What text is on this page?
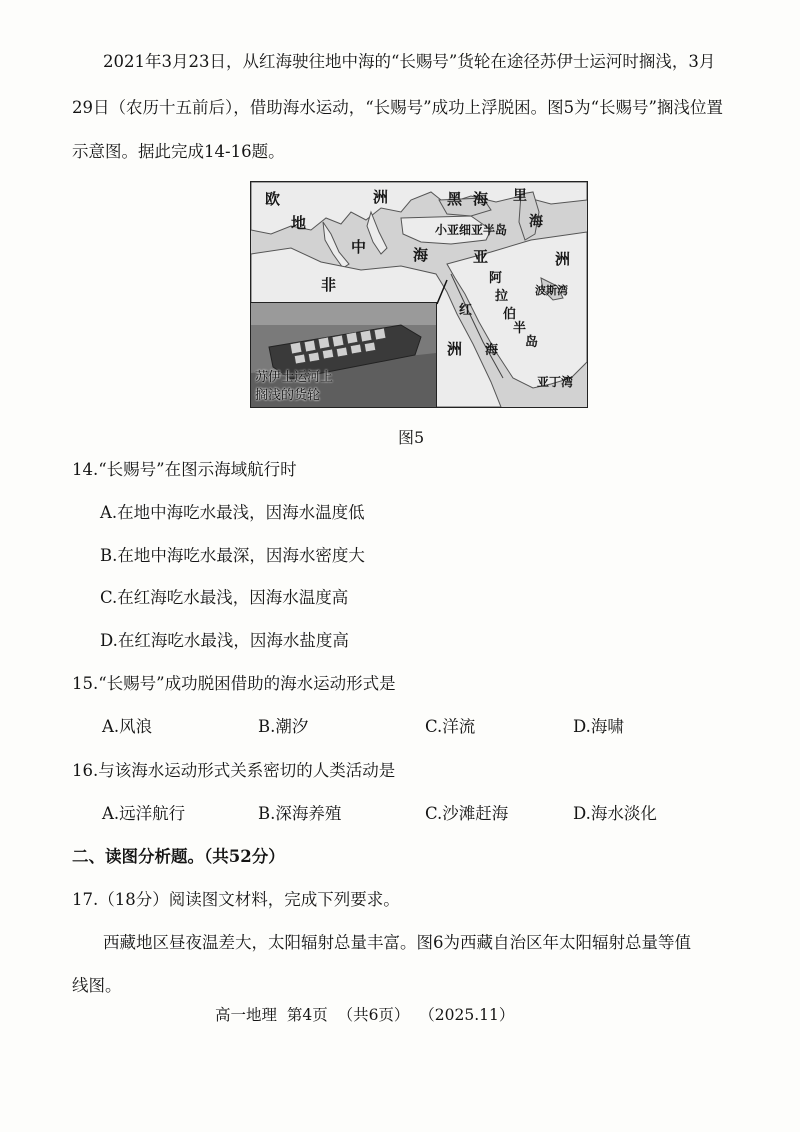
2021年3月23日，从红海驶往地中海的“长赐号”货轮在途径苏伊士运河时搁浅，3月
29日（农历十五前后），借助海水运动，“长赐号”成功上浮脱困。图5为“长赐号”搁浅位置
示意图。据此完成14-16题。
欧	洲
地
中	海
非
洲
黑 海 里
海
小亚细亚半岛
亚	洲
阿
拉
伯
半
岛
红
海
波斯湾
亚丁湾
苏伊士运河上
搁浅的货轮
图5
14.“长赐号”在图示海域航行时
A.在地中海吃水最浅，因海水温度低
B.在地中海吃水最深，因海水密度大
C.在红海吃水最浅，因海水温度高
D.在红海吃水最浅，因海水盐度高
15.“长赐号”成功脱困借助的海水运动形式是
A.风浪	B.潮汐	C.洋流	D.海啸
16.与该海水运动形式关系密切的人类活动是
A.远洋航行	B.深海养殖	C.沙滩赶海	D.海水淡化
二、读图分析题。（共52分）
17.（18分）阅读图文材料，完成下列要求。
西藏地区昼夜温差大，太阳辐射总量丰富。图6为西藏自治区年太阳辐射总量等值
线图。
高一地理  第4页  （共6页）  （2025.11）
